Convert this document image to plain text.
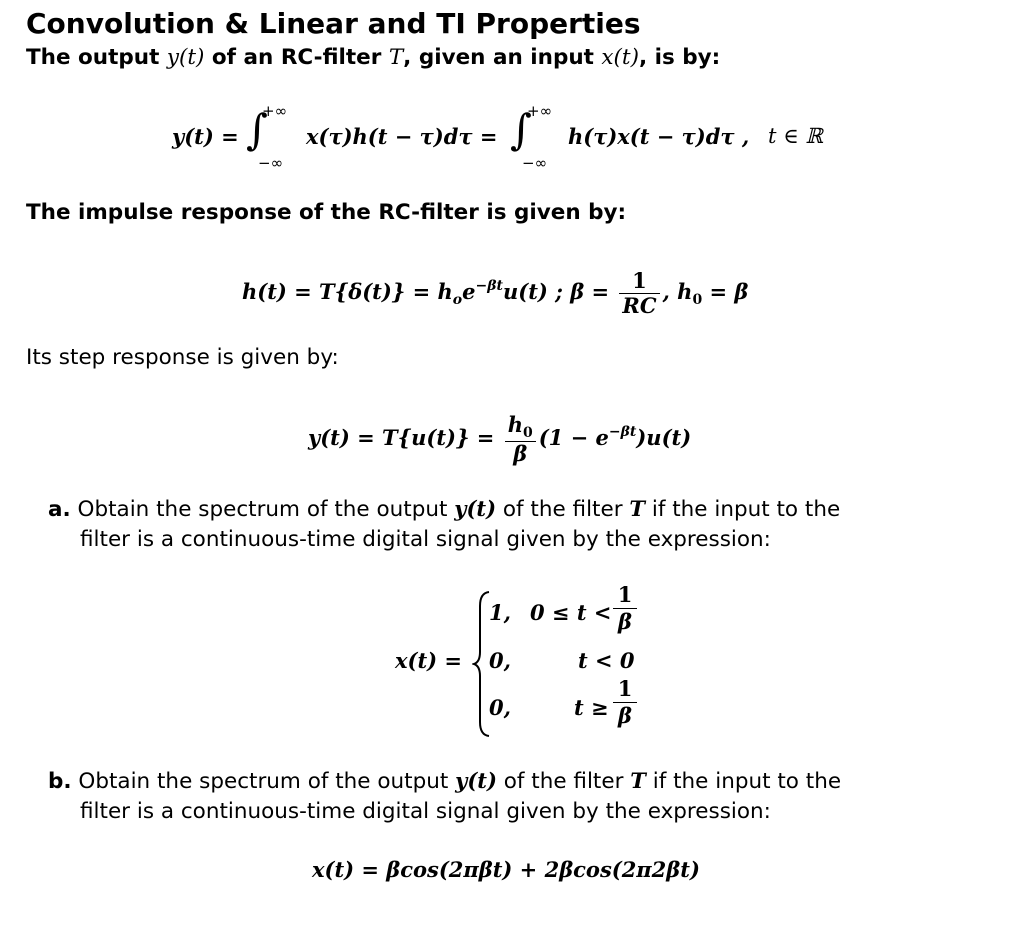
Convolution & Linear and TI Properties
The output y(t) of an RC-filter T, given an input x(t), is by:
y(t) = ∫
+∞
−∞
x(τ)h(t − τ)dτ = ∫
+∞
−∞
h(τ)x(t − τ)dτ , t ∈ ℝ
The impulse response of the RC-filter is given by:
$h(t) = T\{\delta(t)\} = h_oe^{-\beta t}u(t)$ ; $\beta = \frac{1}{RC}$ , $h_0 = \beta$
Its step response is given by:
$y(t) = T\{u(t)\} = \frac{h_0}{\beta} (1 - e^{-\beta t})u(t)$
a. Obtain the spectrum of the output y(t) of the filter T if the input to the
filter is a continuous-time digital signal given by the expression:
x(t) =
1, $0 \le t < \frac{1}{\beta}$
0,	t < 0
0,	$t \ge \frac{1}{\beta}$
b. Obtain the spectrum of the output y(t) of the filter T if the input to the
filter is a continuous-time digital signal given by the expression:
x(t) = βcos(2πβt) + 2βcos(2π2βt)
